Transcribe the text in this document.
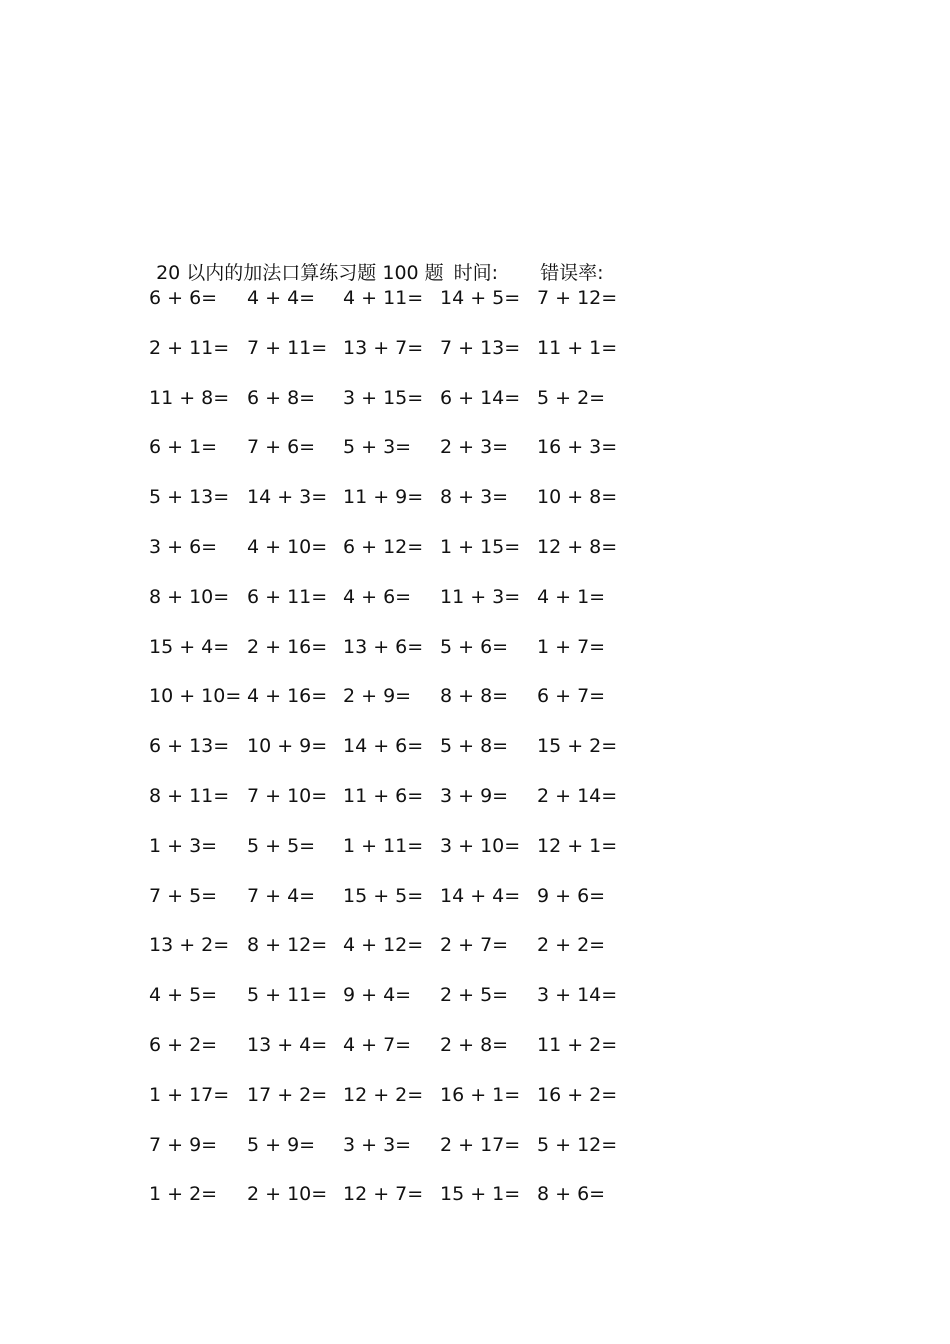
20 以内的加法口算练习题 100 题 时间: 错误率:

6 + 6= 4 + 4= 4 + 11= 14 + 5= 7 + 12=
2 + 11= 7 + 11= 13 + 7= 7 + 13= 11 + 1=
11 + 8= 6 + 8= 3 + 15= 6 + 14= 5 + 2=
6 + 1= 7 + 6= 5 + 3= 2 + 3= 16 + 3=
5 + 13= 14 + 3= 11 + 9= 8 + 3= 10 + 8=
3 + 6= 4 + 10= 6 + 12= 1 + 15= 12 + 8=
8 + 10= 6 + 11= 4 + 6= 11 + 3= 4 + 1=
15 + 4= 2 + 16= 13 + 6= 5 + 6= 1 + 7=
10 + 10= 4 + 16= 2 + 9= 8 + 8= 6 + 7=
6 + 13= 10 + 9= 14 + 6= 5 + 8= 15 + 2=
8 + 11= 7 + 10= 11 + 6= 3 + 9= 2 + 14=
1 + 3= 5 + 5= 1 + 11= 3 + 10= 12 + 1=
7 + 5= 7 + 4= 15 + 5= 14 + 4= 9 + 6=
13 + 2= 8 + 12= 4 + 12= 2 + 7= 2 + 2=
4 + 5= 5 + 11= 9 + 4= 2 + 5= 3 + 14=
6 + 2= 13 + 4= 4 + 7= 2 + 8= 11 + 2=
1 + 17= 17 + 2= 12 + 2= 16 + 1= 16 + 2=
7 + 9= 5 + 9= 3 + 3= 2 + 17= 5 + 12=
1 + 2= 2 + 10= 12 + 7= 15 + 1= 8 + 6=
